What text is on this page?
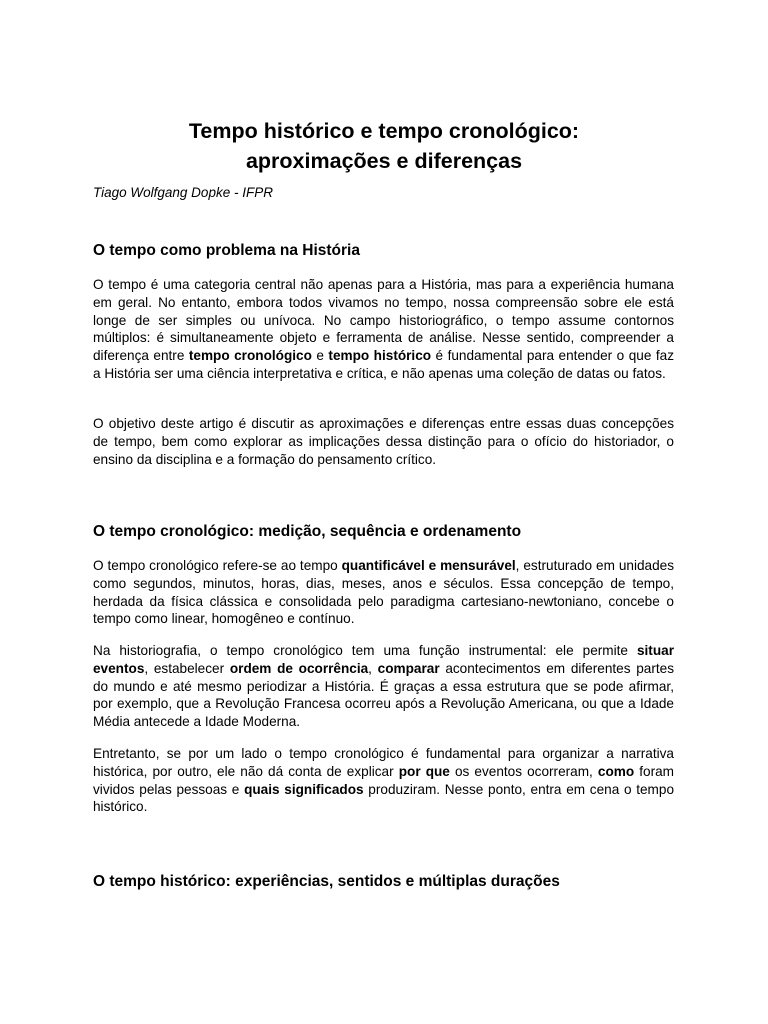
Tempo histórico e tempo cronológico:
aproximações e diferenças

Tiago Wolfgang Dopke - IFPR

O tempo como problema na História

O tempo é uma categoria central não apenas para a História, mas para a experiência humana em geral. No entanto, embora todos vivamos no tempo, nossa compreensão sobre ele está longe de ser simples ou unívoca. No campo historiográfico, o tempo assume contornos múltiplos: é simultaneamente objeto e ferramenta de análise. Nesse sentido, compreender a diferença entre tempo cronológico e tempo histórico é fundamental para entender o que faz a História ser uma ciência interpretativa e crítica, e não apenas uma coleção de datas ou fatos.

O objetivo deste artigo é discutir as aproximações e diferenças entre essas duas concepções de tempo, bem como explorar as implicações dessa distinção para o ofício do historiador, o ensino da disciplina e a formação do pensamento crítico.

O tempo cronológico: medição, sequência e ordenamento

O tempo cronológico refere-se ao tempo quantificável e mensurável, estruturado em unidades como segundos, minutos, horas, dias, meses, anos e séculos. Essa concepção de tempo, herdada da física clássica e consolidada pelo paradigma cartesiano-newtoniano, concebe o tempo como linear, homogêneo e contínuo.

Na historiografia, o tempo cronológico tem uma função instrumental: ele permite situar eventos, estabelecer ordem de ocorrência, comparar acontecimentos em diferentes partes do mundo e até mesmo periodizar a História. É graças a essa estrutura que se pode afirmar, por exemplo, que a Revolução Francesa ocorreu após a Revolução Americana, ou que a Idade Média antecede a Idade Moderna.

Entretanto, se por um lado o tempo cronológico é fundamental para organizar a narrativa histórica, por outro, ele não dá conta de explicar por que os eventos ocorreram, como foram vividos pelas pessoas e quais significados produziram. Nesse ponto, entra em cena o tempo histórico.

O tempo histórico: experiências, sentidos e múltiplas durações
